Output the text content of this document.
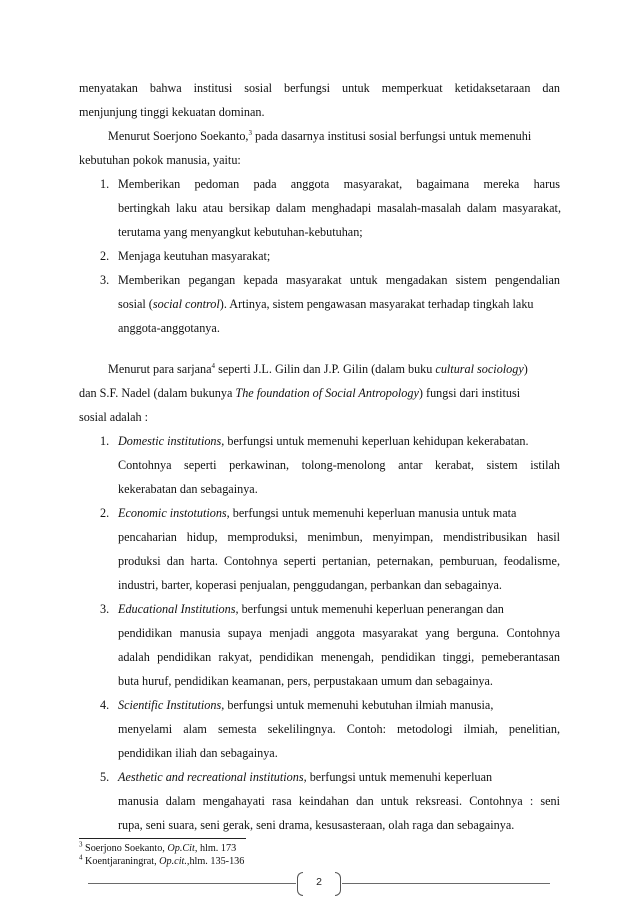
menyatakan bahwa institusi sosial berfungsi untuk memperkuat ketidaksetaraan dan
menjunjung tinggi kekuatan dominan.
Menurut Soerjono Soekanto,$^3$ pada dasarnya institusi sosial berfungsi untuk memenuhi
kebutuhan pokok manusia, yaitu:
1. Memberikan pedoman pada anggota masyarakat, bagaimana mereka harus
bertingkah laku atau bersikap dalam menghadapi masalah-masalah dalam masyarakat,
terutama yang menyangkut kebutuhan-kebutuhan;
2. Menjaga keutuhan masyarakat;
3. Memberikan pegangan kepada masyarakat untuk mengadakan sistem pengendalian
sosial (social control). Artinya, sistem pengawasan masyarakat terhadap tingkah laku
anggota-anggotanya.
Menurut para sarjana$^4$ seperti J.L. Gilin dan J.P. Gilin (dalam buku cultural sociology)
dan S.F. Nadel (dalam bukunya The foundation of Social Antropology) fungsi dari institusi
sosial adalah :
1. Domestic institutions, berfungsi untuk memenuhi keperluan kehidupan kekerabatan.
Contohnya seperti perkawinan, tolong-menolong antar kerabat, sistem istilah
kekerabatan dan sebagainya.
2. Economic instotutions, berfungsi untuk memenuhi keperluan manusia untuk mata
pencaharian hidup, memproduksi, menimbun, menyimpan, mendistribusikan hasil
produksi dan harta. Contohnya seperti pertanian, peternakan, pemburuan, feodalisme,
industri, barter, koperasi penjualan, penggudangan, perbankan dan sebagainya.
3. Educational Institutions, berfungsi untuk memenuhi keperluan penerangan dan
pendidikan manusia supaya menjadi anggota masyarakat yang berguna. Contohnya
adalah pendidikan rakyat, pendidikan menengah, pendidikan tinggi, pemeberantasan
buta huruf, pendidikan keamanan, pers, perpustakaan umum dan sebagainya.
4. Scientific Institutions, berfungsi untuk memenuhi kebutuhan ilmiah manusia,
menyelami alam semesta sekelilingnya. Contoh: metodologi ilmiah, penelitian,
pendidikan iliah dan sebagainya.
5. Aesthetic and recreational institutions, berfungsi untuk memenuhi keperluan
manusia dalam mengahayati rasa keindahan dan untuk reksreasi. Contohnya : seni
rupa, seni suara, seni gerak, seni drama, kesusasteraan, olah raga dan sebagainya.
$^3$ Soerjono Soekanto, Op.Cit, hlm. 173
$^4$ Koentjaraningrat, Op.cit.,hlm. 135-136
2
